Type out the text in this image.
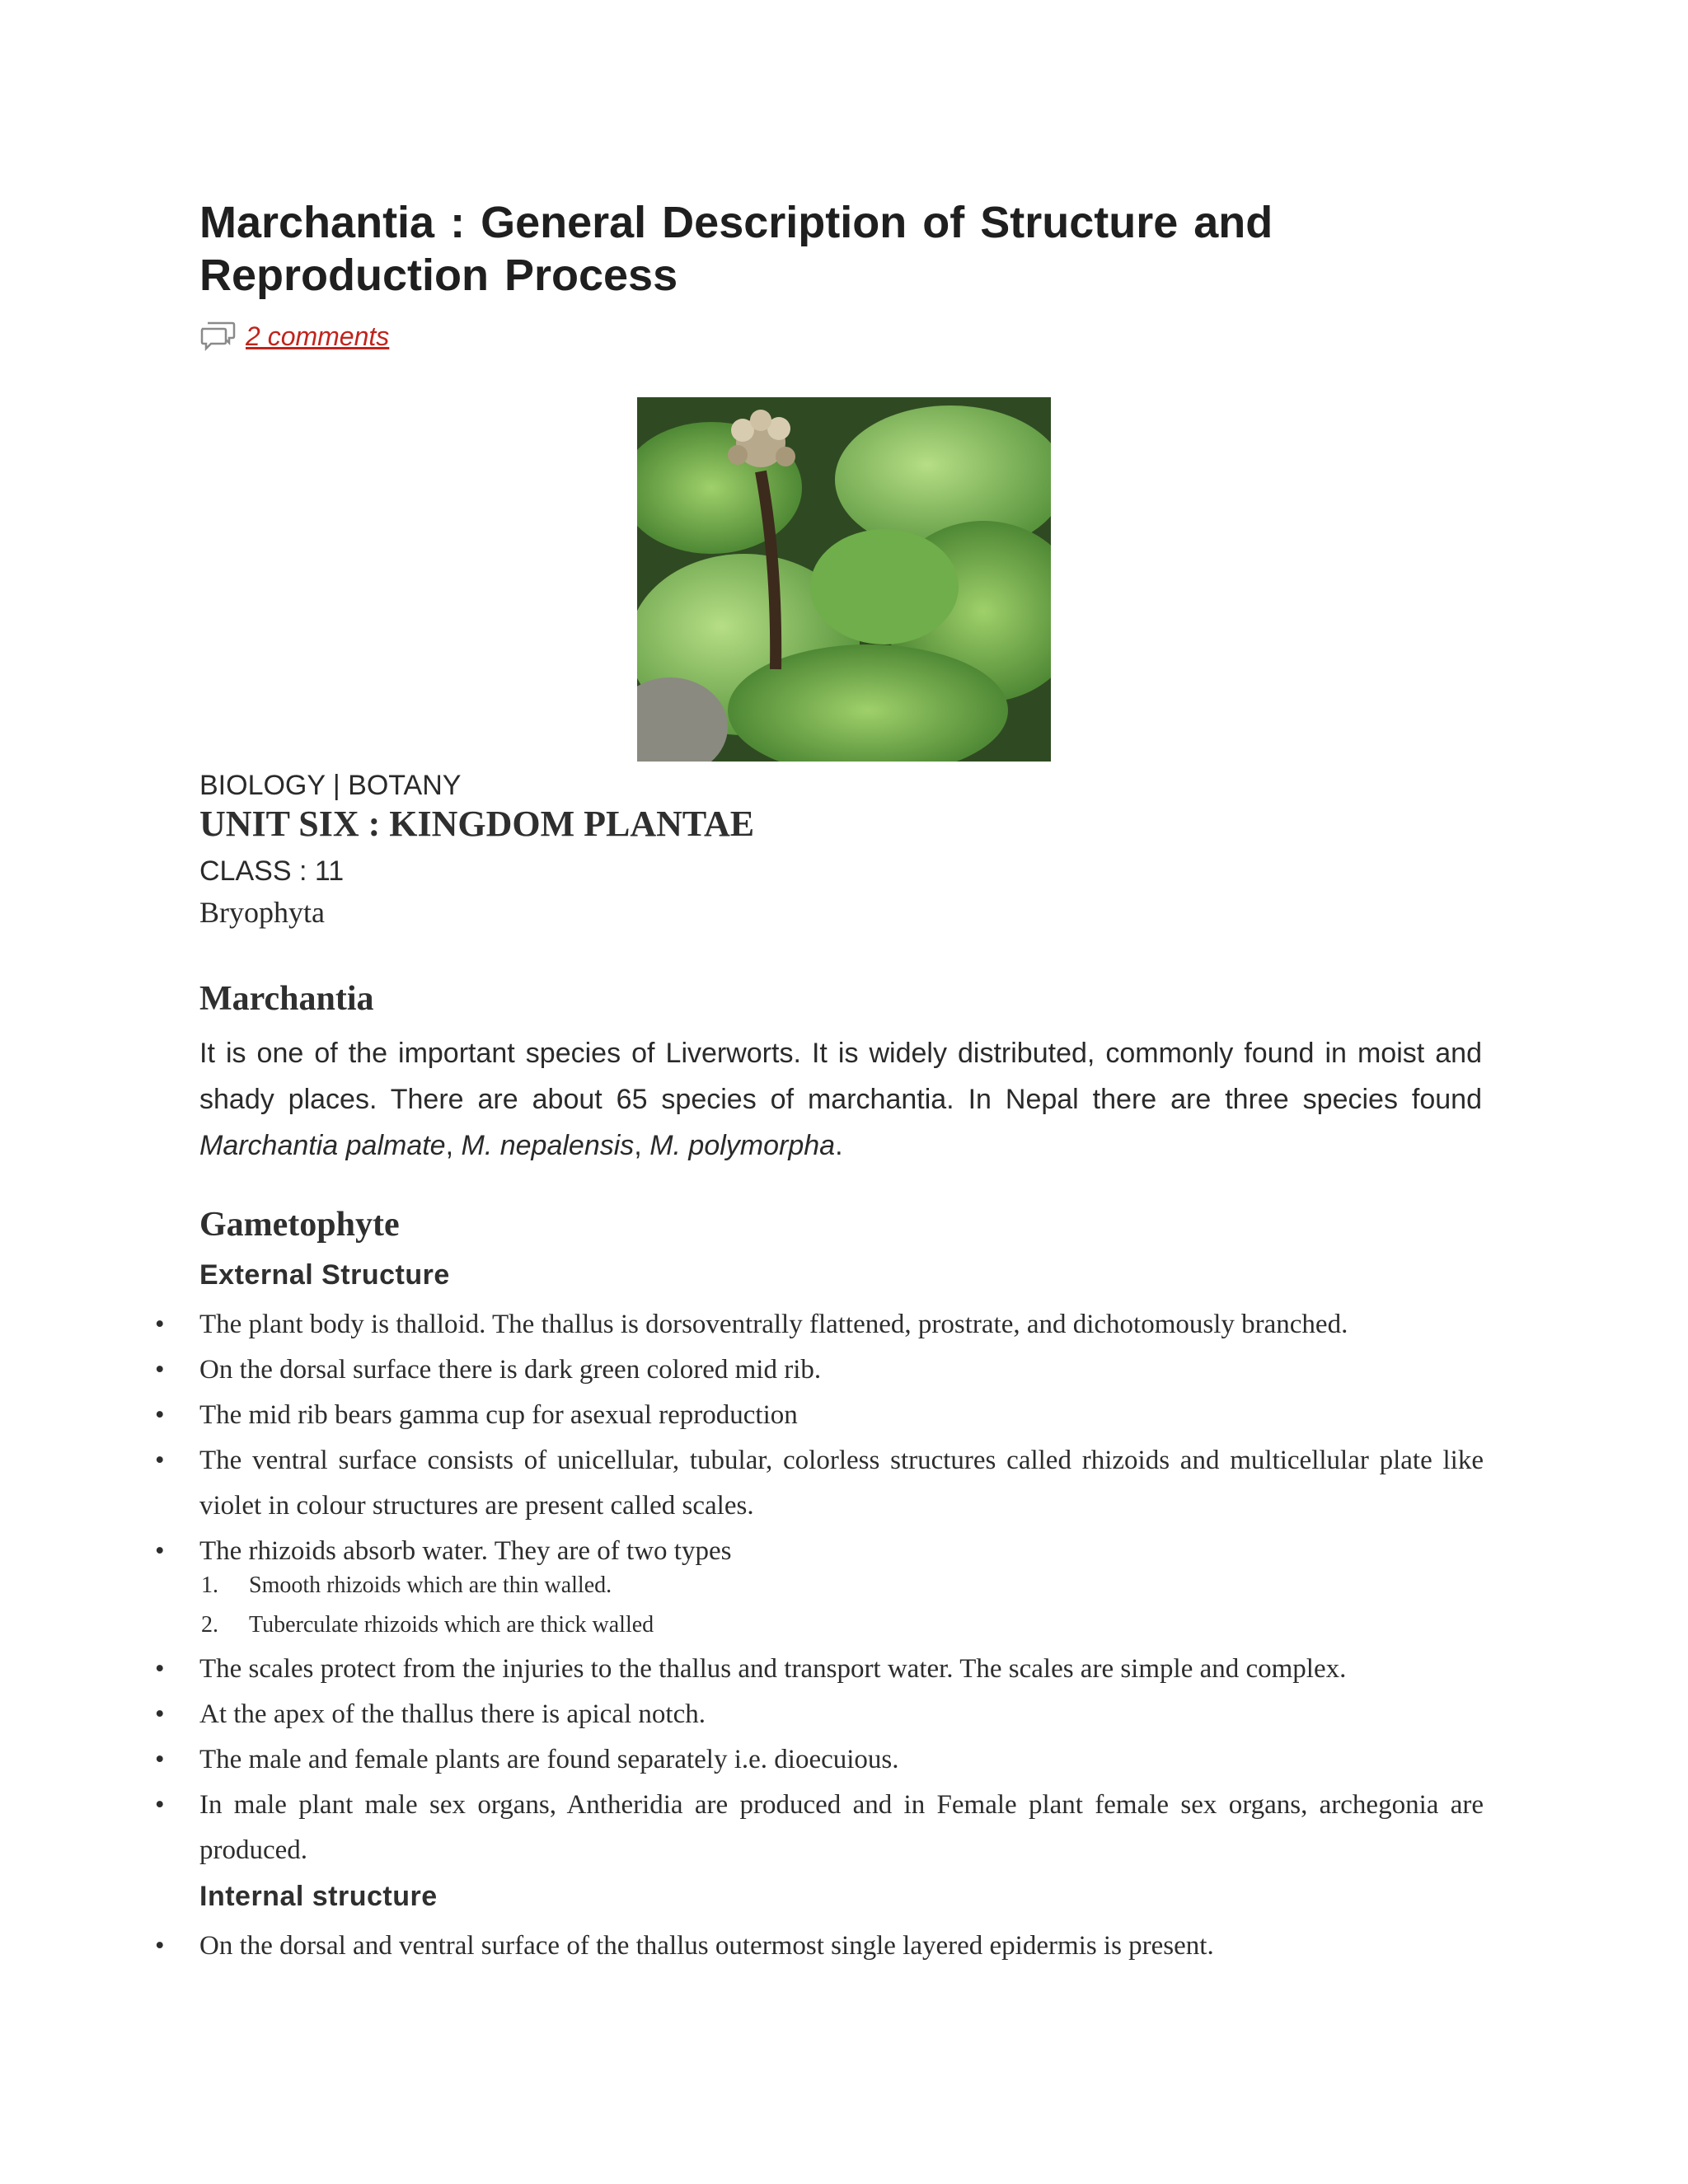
Marchantia : General Description of Structure and Reproduction Process
2 comments
BIOLOGY | BOTANY
UNIT SIX : KINGDOM PLANTAE
CLASS : 11
Bryophyta
Marchantia

It is one of the important species of Liverworts. It is widely distributed, commonly found in moist and shady places. There are about 65 species of marchantia. In Nepal there are three species found Marchantia palmate, M. nepalensis, M. polymorpha.

Gametophyte
External Structure
• The plant body is thalloid. The thallus is dorsoventrally flattened, prostrate, and dichotomously branched.
• On the dorsal surface there is dark green colored mid rib.
• The mid rib bears gamma cup for asexual reproduction
• The ventral surface consists of unicellular, tubular, colorless structures called rhizoids and multicellular plate like violet in colour structures are present called scales.
• The rhizoids absorb water. They are of two types
1. Smooth rhizoids which are thin walled.
2. Tuberculate rhizoids which are thick walled
• The scales protect from the injuries to the thallus and transport water. The scales are simple and complex.
• At the apex of the thallus there is apical notch.
• The male and female plants are found separately i.e. dioecuious.
• In male plant male sex organs, Antheridia are produced and in Female plant female sex organs, archegonia are produced.
Internal structure
• On the dorsal and ventral surface of the thallus outermost single layered epidermis is present.
